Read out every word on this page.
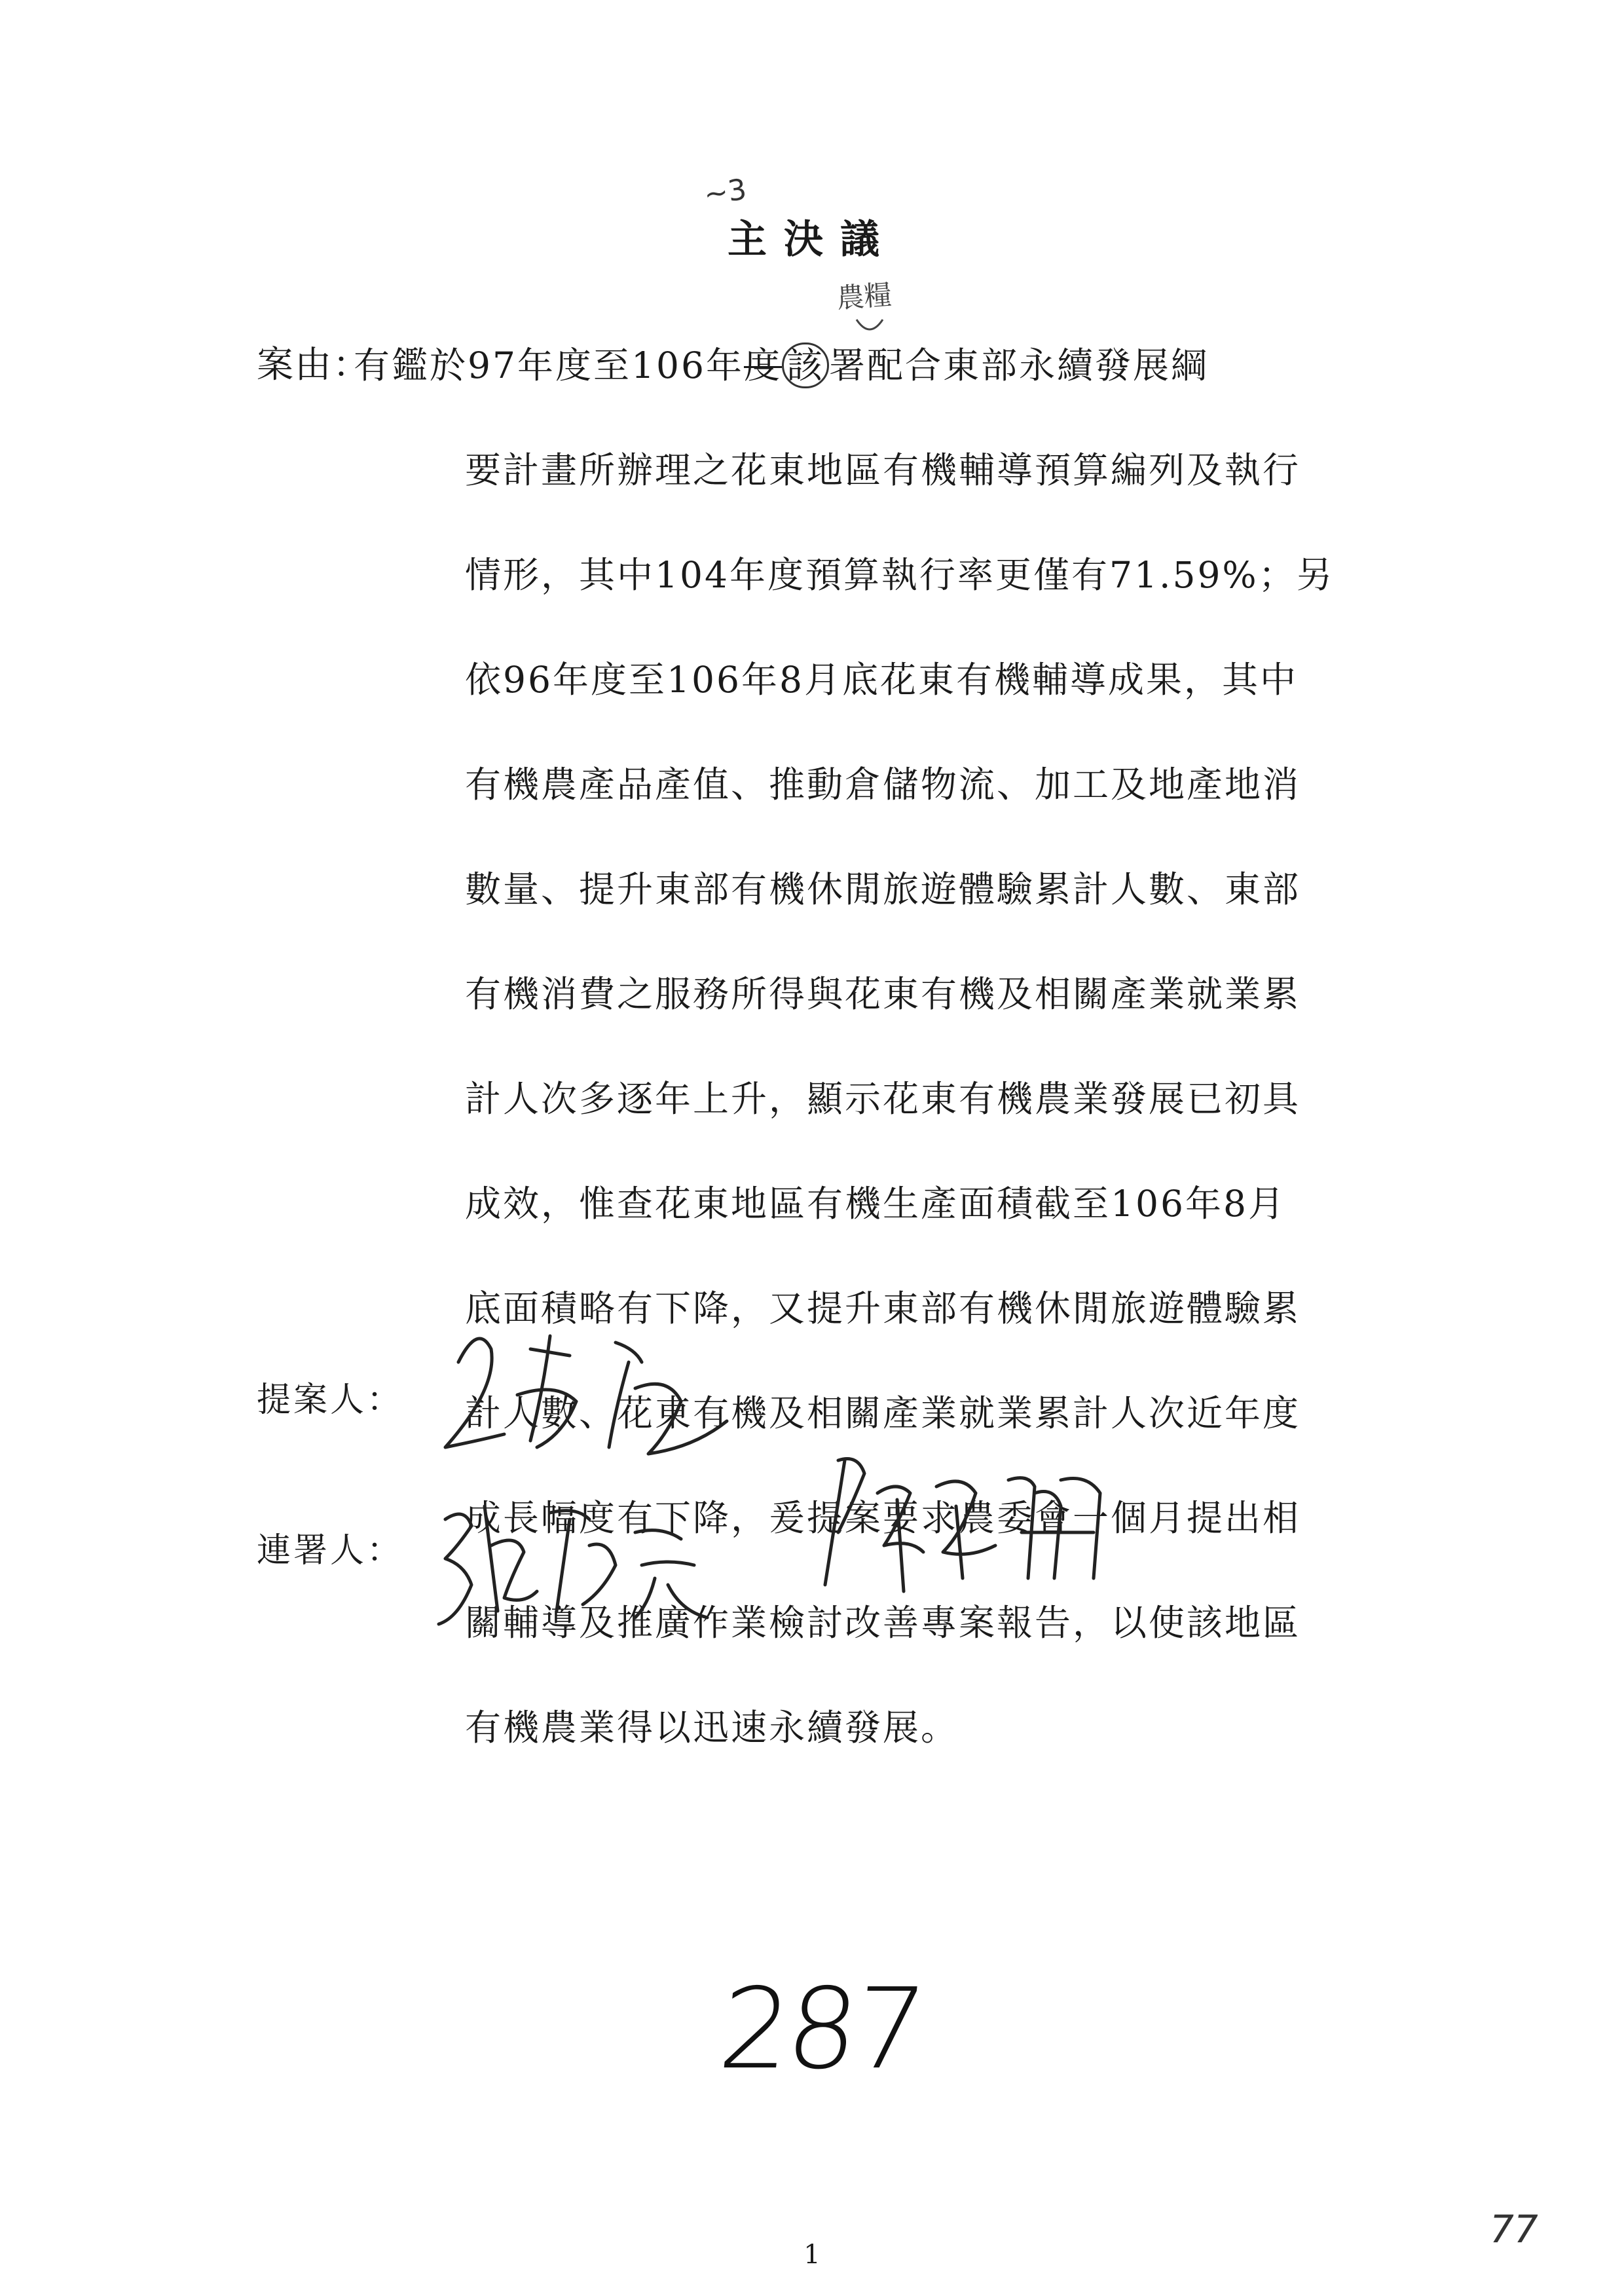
~3
主決議
農糧
案由：
有鑑於97年度至106年度 該 署配合東部永續發展綱
要計畫所辦理之花東地區有機輔導預算編列及執行
情形，其中104年度預算執行率更僅有71.59%；另
依96年度至106年8月底花東有機輔導成果，其中
有機農產品產值、推動倉儲物流、加工及地產地消
數量、提升東部有機休閒旅遊體驗累計人數、東部
有機消費之服務所得與花東有機及相關產業就業累
計人次多逐年上升，顯示花東有機農業發展已初具
成效，惟查花東地區有機生產面積截至106年8月
底面積略有下降，又提升東部有機休閒旅遊體驗累
計人數、花東有機及相關產業就業累計人次近年度
成長幅度有下降，爰提案要求農委會一個月提出相
關輔導及推廣作業檢討改善專案報告，以使該地區
有機農業得以迅速永續發展。
提案人：
連署人：
287
1
77
